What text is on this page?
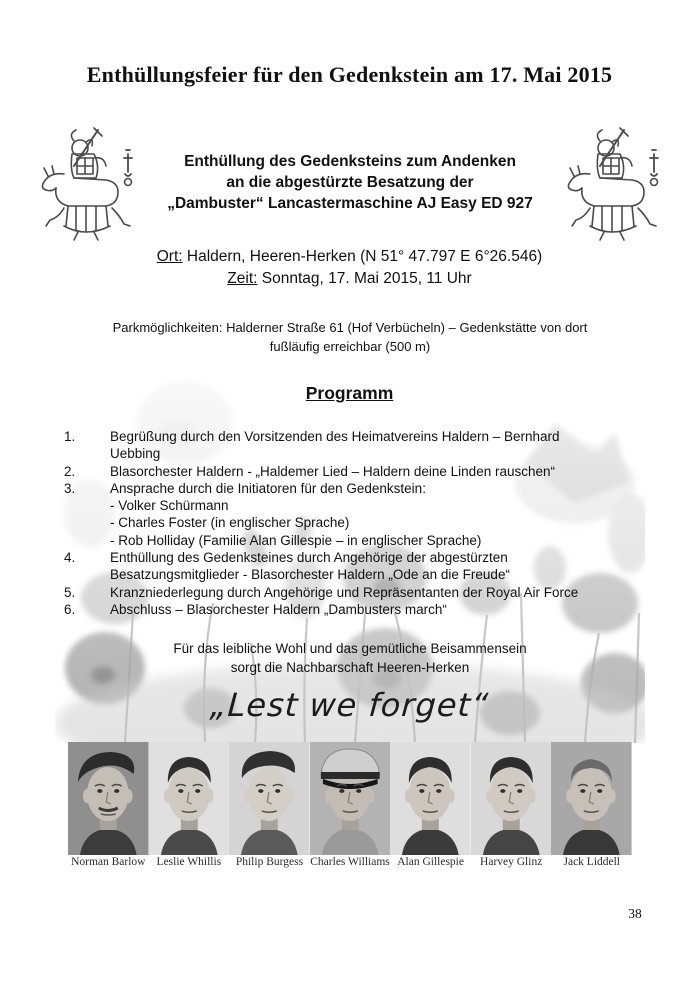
Enthüllungsfeier für den Gedenkstein am 17. Mai 2015
Enthüllung des Gedenksteins zum Andenken
an die abgestürzte Besatzung der
„Dambuster“ Lancastermaschine AJ Easy ED 927
Ort: Haldern, Heeren-Herken (N 51° 47.797 E 6°26.546)
Zeit: Sonntag, 17. Mai 2015, 11 Uhr
Parkmöglichkeiten: Halderner Straße 61 (Hof Verbücheln) – Gedenkstätte von dort
fußläufig erreichbar (500 m)
Programm
1.	Begrüßung durch den Vorsitzenden des Heimatvereins Haldern – Bernhard
Uebbing
2.	Blasorchester Haldern - „Haldemer Lied – Haldern deine Linden rauschen“
3.	Ansprache durch die Initiatoren für den Gedenkstein:
- Volker Schürmann
- Charles Foster (in englischer Sprache)
- Rob Holliday (Familie Alan Gillespie – in englischer Sprache)
4.	Enthüllung des Gedenksteines durch Angehörige der abgestürzten
Besatzungsmitglieder - Blasorchester Haldern „Ode an die Freude“
5.	Kranzniederlegung durch Angehörige und Repräsentanten der Royal Air Force
6.	Abschluss – Blasorchester Haldern „Dambusters march“
Für das leibliche Wohl und das gemütliche Beisammensein
sorgt die Nachbarschaft Heeren-Herken
„Lest we forget“
Norman Barlow Leslie Whillis	Philip Burgess Charles Williams Alan Gillespie	Harvey Glinz	Jack Liddell
38
